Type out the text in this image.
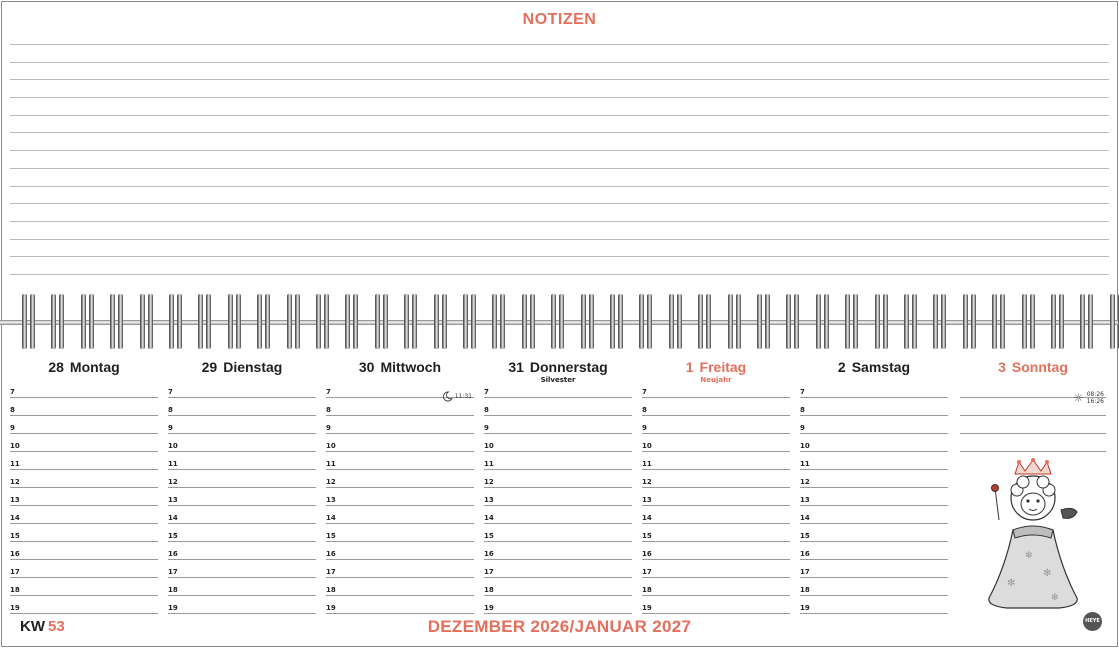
NOTIZEN
28 Montag
7
8
9
10
11
12
13
14
15
16
17
18
19
29 Dienstag
7
8
9
10
11
12
13
14
15
16
17
18
19
30 Mittwoch
7
8
9
10
11
12
13
14
15
16
17
18
19
11:31
31 Donnerstag
Silvester
7
8
9
10
11
12
13
14
15
16
17
18
19
1 Freitag
Neujahr
7
8
9
10
11
12
13
14
15
16
17
18
19
2 Samstag
7
8
9
10
11
12
13
14
15
16
17
18
19
3 Sonntag
☼ 08:26
16:26
✻
✻
✻
✻
KW 53	DEZEMBER 2026/JANUAR 2027	HEYE
